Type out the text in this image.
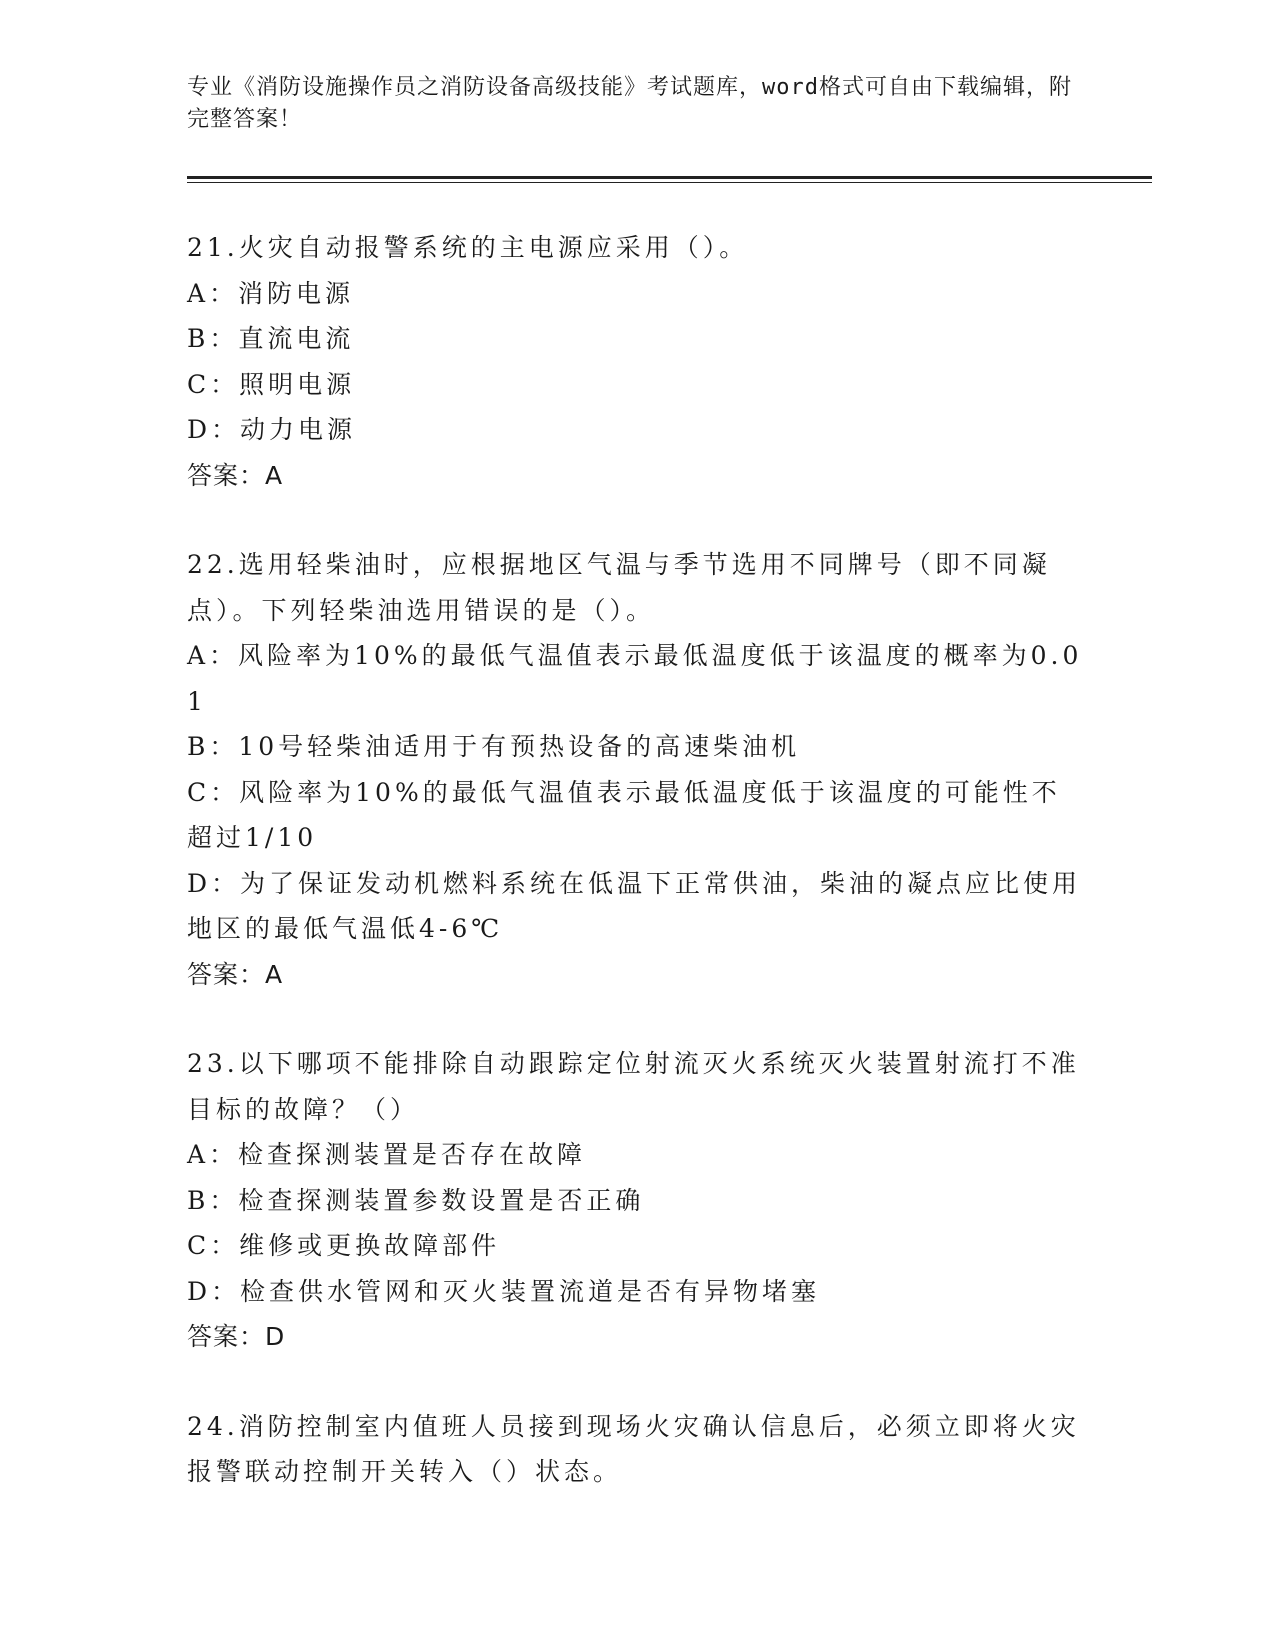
专业《消防设施操作员之消防设备高级技能》考试题库，word格式可自由下载编辑，附完整答案！
21.火灾自动报警系统的主电源应采用（）。
A：消防电源
B：直流电流
C：照明电源
D：动力电源
答案：A
22.选用轻柴油时，应根据地区气温与季节选用不同牌号（即不同凝点）。下列轻柴油选用错误的是（）。
A：风险率为10%的最低气温值表示最低温度低于该温度的概率为0.01
B：10号轻柴油适用于有预热设备的高速柴油机
C：风险率为10%的最低气温值表示最低温度低于该温度的可能性不超过1/10
D：为了保证发动机燃料系统在低温下正常供油，柴油的凝点应比使用地区的最低气温低4-6℃
答案：A
23.以下哪项不能排除自动跟踪定位射流灭火系统灭火装置射流打不准目标的故障？（）
A：检查探测装置是否存在故障
B：检查探测装置参数设置是否正确
C：维修或更换故障部件
D：检查供水管网和灭火装置流道是否有异物堵塞
答案：D
24.消防控制室内值班人员接到现场火灾确认信息后，必须立即将火灾报警联动控制开关转入（）状态。
